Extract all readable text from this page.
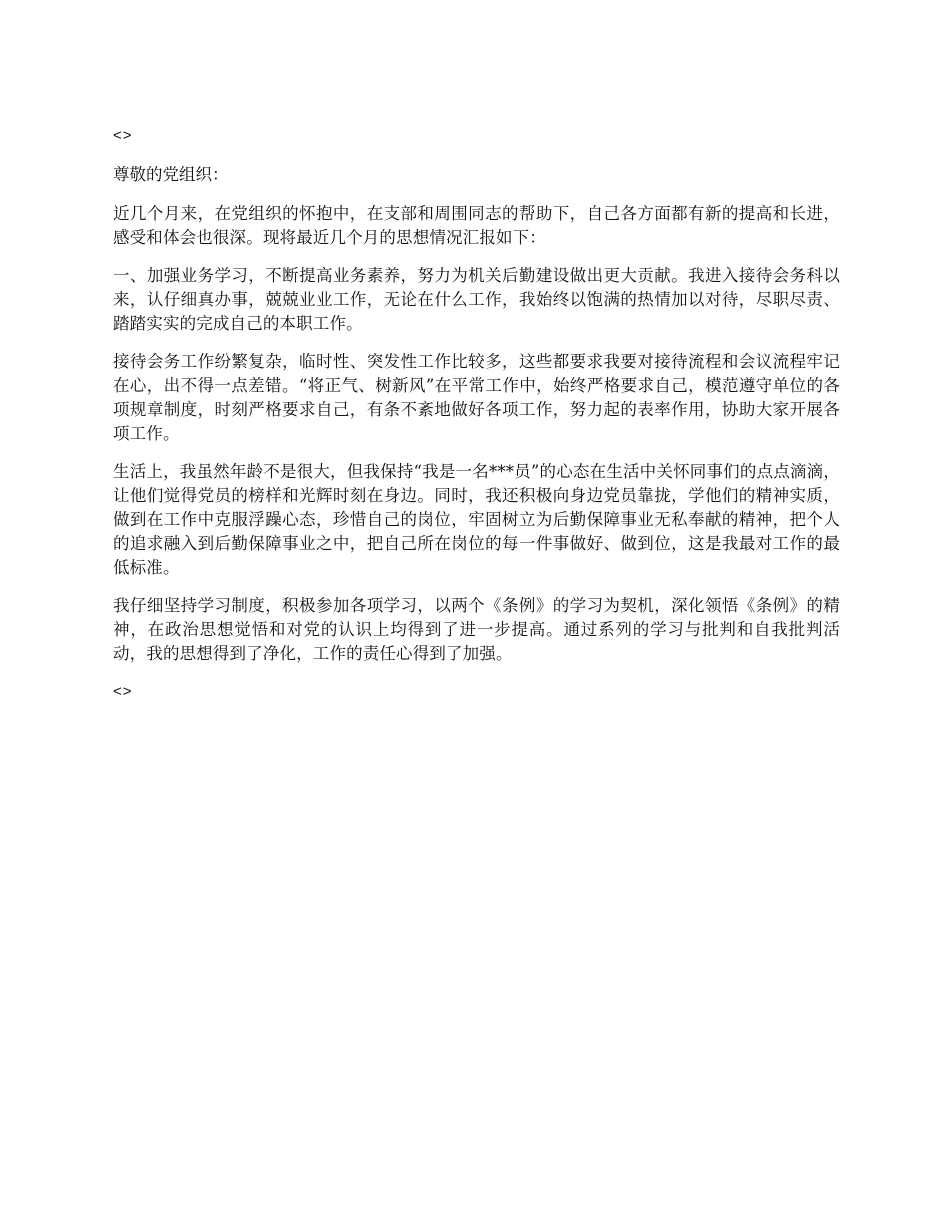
<>
尊敬的党组织：

近几个月来，在党组织的怀抱中，在支部和周围同志的帮助下，自己各方面都有新的提高和长进，感受和体会也很深。现将最近几个月的思想情况汇报如下：

一、加强业务学习，不断提高业务素养，努力为机关后勤建设做出更大贡献。我进入接待会务科以来，认仔细真办事，兢兢业业工作，无论在什么工作，我始终以饱满的热情加以对待，尽职尽责、踏踏实实的完成自己的本职工作。

接待会务工作纷繁复杂，临时性、突发性工作比较多，这些都要求我要对接待流程和会议流程牢记在心，出不得一点差错。“将正气、树新风”在平常工作中，始终严格要求自己，模范遵守单位的各项规章制度，时刻严格要求自己，有条不紊地做好各项工作，努力起的表率作用，协助大家开展各项工作。

生活上，我虽然年龄不是很大，但我保持“我是一名***员”的心态在生活中关怀同事们的点点滴滴，让他们觉得党员的榜样和光辉时刻在身边。同时，我还积极向身边党员靠拢，学他们的精神实质，做到在工作中克服浮躁心态，珍惜自己的岗位，牢固树立为后勤保障事业无私奉献的精神，把个人的追求融入到后勤保障事业之中，把自己所在岗位的每一件事做好、做到位，这是我最对工作的最低标准。

我仔细坚持学习制度，积极参加各项学习，以两个《条例》的学习为契机，深化领悟《条例》的精神，在政治思想觉悟和对党的认识上均得到了进一步提高。通过系列的学习与批判和自我批判活动，我的思想得到了净化，工作的责任心得到了加强。

<>
